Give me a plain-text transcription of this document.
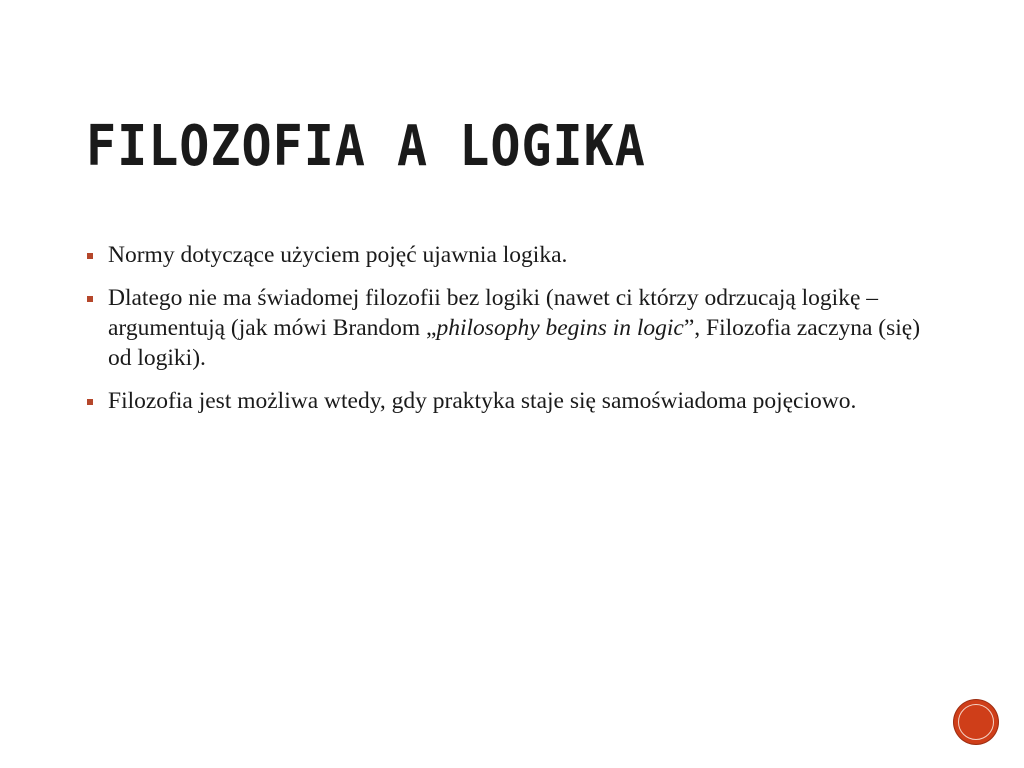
FILOZOFIA A LOGIKA
Normy dotyczące użyciem pojęć ujawnia logika.
Dlatego nie ma świadomej filozofii bez logiki (nawet ci którzy odrzucają logikę – argumentują (jak mówi Brandom „philosophy begins in logic”, Filozofia zaczyna (się) od logiki).
Filozofia jest możliwa wtedy, gdy praktyka staje się samoświadoma pojęciowo.
